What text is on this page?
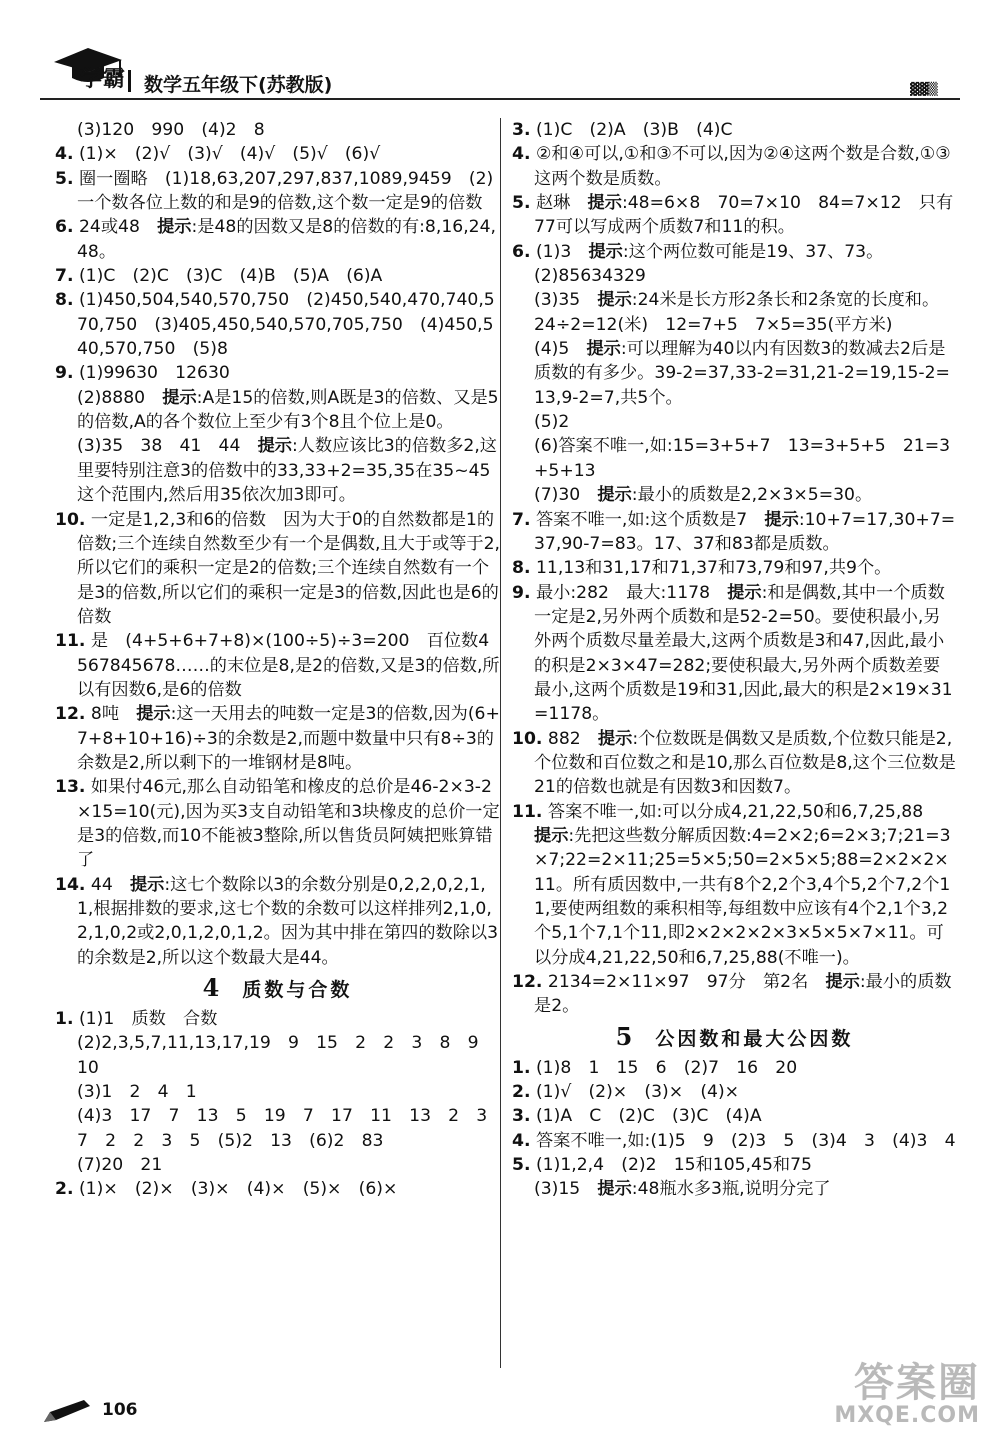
学霸 数学五年级下(苏教版)	▓▓▒

(3)120　990　(4)2　8

4. (1)×　(2)√　(3)√　(4)√　(5)√　(6)√

5. 圈一圈略　(1)18,63,207,297,837,1089,9459　(2)一个数各位上数的和是9的倍数,这个数一定是9的倍数

6. 24或48　提示:是48的因数又是8的倍数的有:8,16,24,48。

7. (1)C　(2)C　(3)C　(4)B　(5)A　(6)A

8. (1)450,504,540,570,750　(2)450,540,470,740,570,750　(3)405,450,540,570,705,750　(4)450,540,570,750　(5)8

9. (1)99630　12630

(2)8880　提示:A是15的倍数,则A既是3的倍数、又是5的倍数,A的各个数位上至少有3个8且个位上是0。

(3)35　38　41　44　提示:人数应该比3的倍数多2,这里要特别注意3的倍数中的33,33+2=35,35在35~45这个范围内,然后用35依次加3即可。

10. 一定是1,2,3和6的倍数　因为大于0的自然数都是1的倍数;三个连续自然数至少有一个是偶数,且大于或等于2,所以它们的乘积一定是2的倍数;三个连续自然数有一个是3的倍数,所以它们的乘积一定是3的倍数,因此也是6的倍数

11. 是　(4+5+6+7+8)×(100÷5)÷3=200　百位数4567845678……的末位是8,是2的倍数,又是3的倍数,所以有因数6,是6的倍数

12. 8吨　提示:这一天用去的吨数一定是3的倍数,因为(6+7+8+10+16)÷3的余数是2,而题中数量中只有8÷3的余数是2,所以剩下的一堆钢材是8吨。

13. 如果付46元,那么自动铅笔和橡皮的总价是46-2×3-2×15=10(元),因为买3支自动铅笔和3块橡皮的总价一定是3的倍数,而10不能被3整除,所以售货员阿姨把账算错了

14. 44　提示:这七个数除以3的余数分别是0,2,2,0,2,1,1,根据排数的要求,这七个数的余数可以这样排列2,1,0,2,1,0,2或2,0,1,2,0,1,2。因为其中排在第四的数除以3的余数是2,所以这个数最大是44。

4 质数与合数

1. (1)1　质数　合数

(2)2,3,5,7,11,13,17,19　9　15　2　2　3　8　9　10

(3)1　2　4　1

(4)3　17　7　13　5　19　7　17　11　13　2　3　7　2　2　3　5　(5)2　13　(6)2　83

(7)20　21

2. (1)×　(2)×　(3)×　(4)×　(5)×　(6)×

3. (1)C　(2)A　(3)B　(4)C

4. ②和④可以,①和③不可以,因为②④这两个数是合数,①③这两个数是质数。

5. 赵琳　提示:48=6×8　70=7×10　84=7×12　只有77可以写成两个质数7和11的积。

6. (1)3　提示:这个两位数可能是19、37、73。

(2)85634329

(3)35　提示:24米是长方形2条长和2条宽的长度和。　24÷2=12(米)　12=7+5　7×5=35(平方米)

(4)5　提示:可以理解为40以内有因数3的数减去2后是质数的有多少。39-2=37,33-2=31,21-2=19,15-2=13,9-2=7,共5个。

(5)2

(6)答案不唯一,如:15=3+5+7　13=3+5+5　21=3+5+13

(7)30　提示:最小的质数是2,2×3×5=30。

7. 答案不唯一,如:这个质数是7　提示:10+7=17,30+7=37,90-7=83。17、37和83都是质数。

8. 11,13和31,17和71,37和73,79和97,共9个。

9. 最小:282　最大:1178　提示:和是偶数,其中一个质数一定是2,另外两个质数和是52-2=50。要使积最小,另外两个质数尽量差最大,这两个质数是3和47,因此,最小的积是2×3×47=282;要使积最大,另外两个质数差要最小,这两个质数是19和31,因此,最大的积是2×19×31=1178。

10. 882　提示:个位数既是偶数又是质数,个位数只能是2,个位数和百位数之和是10,那么百位数是8,这个三位数是21的倍数也就是有因数3和因数7。

11. 答案不唯一,如:可以分成4,21,22,50和6,7,25,88　提示:先把这些数分解质因数:4=2×2;6=2×3;7;21=3×7;22=2×11;25=5×5;50=2×5×5;88=2×2×2×11。所有质因数中,一共有8个2,2个3,4个5,2个7,2个11,要使两组数的乘积相等,每组数中应该有4个2,1个3,2个5,1个7,1个11,即2×2×2×2×3×5×5×7×11。可以分成4,21,22,50和6,7,25,88(不唯一)。

12. 2134=2×11×97　97分　第2名　提示:最小的质数是2。

5 公因数和最大公因数

1. (1)8　1　15　6　(2)7　16　20

2. (1)√　(2)×　(3)×　(4)×

3. (1)A　C　(2)C　(3)C　(4)A

4. 答案不唯一,如:(1)5　9　(2)3　5　(3)4　3　(4)3　4

5. (1)1,2,4　(2)2　15和105,45和75

(3)15　提示:48瓶水多3瓶,说明分完了

106
答案圈
MXQE.COM
